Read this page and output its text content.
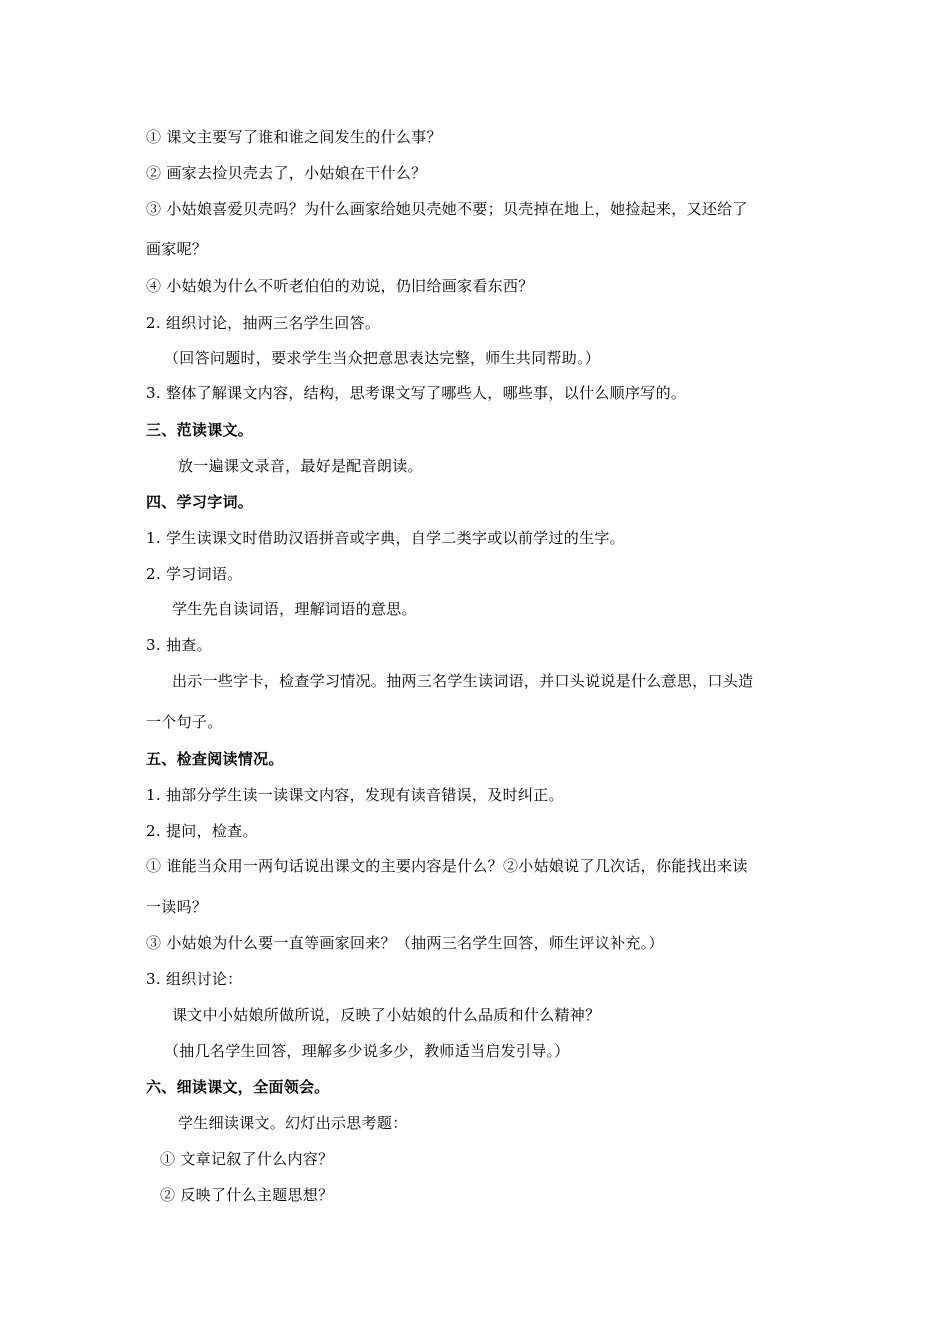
① 课文主要写了谁和谁之间发生的什么事？
② 画家去捡贝壳去了，小姑娘在干什么？
③ 小姑娘喜爱贝壳吗？为什么画家给她贝壳她不要；贝壳掉在地上，她捡起来，又还给了
画家呢？
④ 小姑娘为什么不听老伯伯的劝说，仍旧给画家看东西？
2. 组织讨论，抽两三名学生回答。
（回答问题时，要求学生当众把意思表达完整，师生共同帮助。）
3. 整体了解课文内容，结构，思考课文写了哪些人，哪些事，以什么顺序写的。
三、范读课文。
放一遍课文录音，最好是配音朗读。
四、学习字词。
1. 学生读课文时借助汉语拼音或字典，自学二类字或以前学过的生字。
2. 学习词语。
学生先自读词语，理解词语的意思。
3. 抽查。
出示一些字卡，检查学习情况。抽两三名学生读词语，并口头说说是什么意思，口头造
一个句子。
五、检查阅读情况。
1. 抽部分学生读一读课文内容，发现有读音错误，及时纠正。
2. 提问，检查。
① 谁能当众用一两句话说出课文的主要内容是什么？②小姑娘说了几次话，你能找出来读
一读吗？
③ 小姑娘为什么要一直等画家回来？（抽两三名学生回答，师生评议补充。）
3. 组织讨论：
课文中小姑娘所做所说，反映了小姑娘的什么品质和什么精神？
（抽几名学生回答，理解多少说多少，教师适当启发引导。）
六、细读课文，全面领会。
学生细读课文。幻灯出示思考题：
① 文章记叙了什么内容？
② 反映了什么主题思想？
